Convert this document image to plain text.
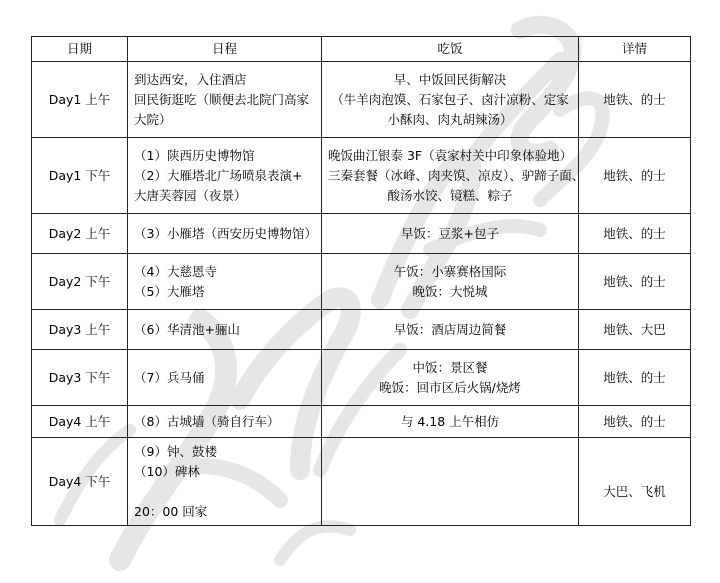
日期	日程	吃饭	详情
Day1 上午	到达西安，入住酒店
回民街逛吃（顺便去北院门高家
大院）	早、中饭回民街解决
（牛羊肉泡馍、石家包子、卤汁凉粉、定家
小酥肉、肉丸胡辣汤）	地铁、的士
Day1 下午	（1）陕西历史博物馆
（2）大雁塔北广场喷泉表演+
大唐芙蓉园（夜景）	晚饭曲江银泰 3F（袁家村关中印象体验地）
三秦套餐（冰峰、肉夹馍、凉皮）、驴蹄子面、
酸汤水饺、镜糕、粽子	地铁、的士
Day2 上午	（3）小雁塔（西安历史博物馆）	早饭：豆浆+包子	地铁、的士
Day2 下午	（4）大慈恩寺
（5）大雁塔	午饭：小寨赛格国际
晚饭：大悦城	地铁、的士
Day3 上午	（6）华清池+骊山	早饭：酒店周边简餐	地铁、大巴
Day3 下午	（7）兵马俑	中饭：景区餐
晚饭：回市区后火锅/烧烤	地铁、的士
Day4 上午	（8）古城墙（骑自行车）	与 4.18 上午相仿	地铁、的士
Day4 下午	（9）钟、鼓楼
（10）碑林
20：00 回家		大巴、飞机
